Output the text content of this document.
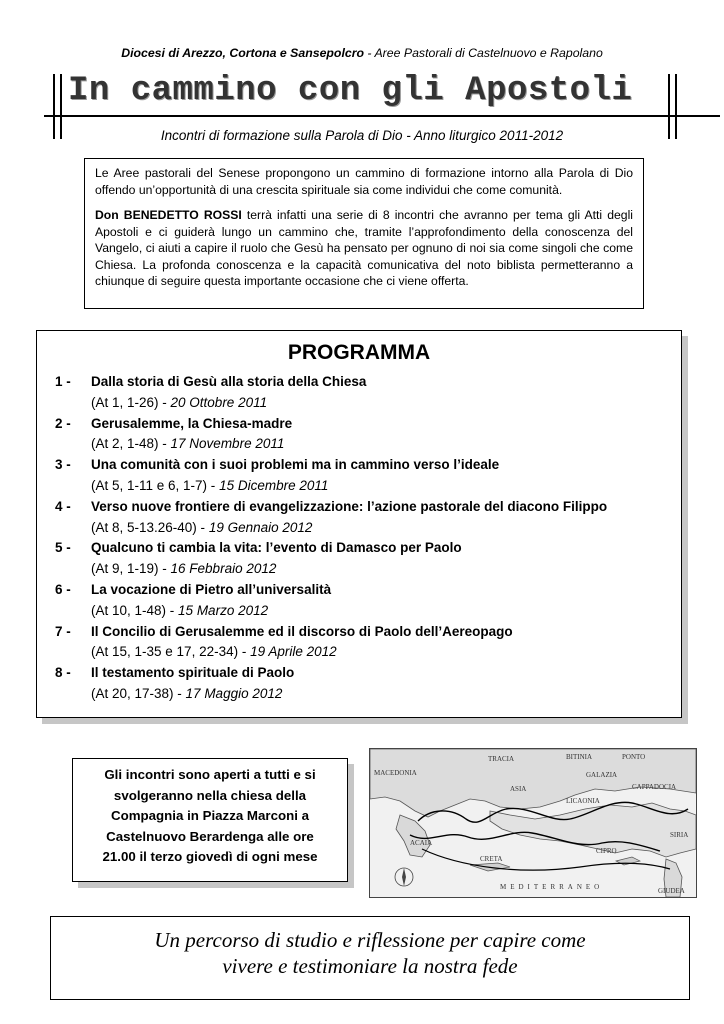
Diocesi di Arezzo, Cortona e Sansepolcro - Aree Pastorali di Castelnuovo e Rapolano
In cammino con gli Apostoli
Incontri di formazione sulla Parola di Dio - Anno liturgico 2011-2012

Le Aree pastorali del Senese propongono un cammino di formazione intorno alla Parola di Dio offendo un’opportunità di una crescita spirituale sia come individui che come comunità.

Don BENEDETTO ROSSI terrà infatti una serie di 8 incontri che avranno per tema gli Atti degli Apostoli e ci guiderà lungo un cammino che, tramite l’approfondimento della conoscenza del Vangelo, ci aiuti a capire il ruolo che Gesù ha pensato per ognuno di noi sia come singoli che come Chiesa. La profonda conoscenza e la capacità comunicativa del noto biblista permetteranno a chiunque di seguire questa importante occasione che ci viene offerta.

PROGRAMMA
1 - Dalla storia di Gesù alla storia della Chiesa
(At 1, 1-26) - 20 Ottobre 2011
2 - Gerusalemme, la Chiesa-madre
(At 2, 1-48) - 17 Novembre 2011
3 - Una comunità con i suoi problemi ma in cammino verso l’ideale
(At 5, 1-11 e 6, 1-7) - 15 Dicembre 2011
4 - Verso nuove frontiere di evangelizzazione: l’azione pastorale del diacono Filippo
(At 8, 5-13.26-40) - 19 Gennaio 2012
5 - Qualcuno ti cambia la vita: l’evento di Damasco per Paolo
(At 9, 1-19) - 16 Febbraio 2012
6 - La vocazione di Pietro all’universalità
(At 10, 1-48) - 15 Marzo 2012
7 - Il Concilio di Gerusalemme ed il discorso di Paolo dell’Aereopago
(At 15, 1-35 e 17, 22-34) - 19 Aprile 2012
8 - Il testamento spirituale di Paolo
(At 20, 17-38) - 17 Maggio 2012
Gli incontri sono aperti a tutti e si
svolgeranno nella chiesa della
Compagnia in Piazza Marconi a
Castelnuovo Berardenga alle ore
21.00 il terzo giovedì di ogni mese
TRACIA	BITINIA	PONTO
MACEDONIA	GALAZIA
ASIA	CAPPADOCIA
LICAONIA
SIRIA
ACAIA
CIPRO
CRETA
MEDITERRANEO	GIUDEA
Un percorso di studio e riflessione per capire come
vivere e testimoniare la nostra fede
